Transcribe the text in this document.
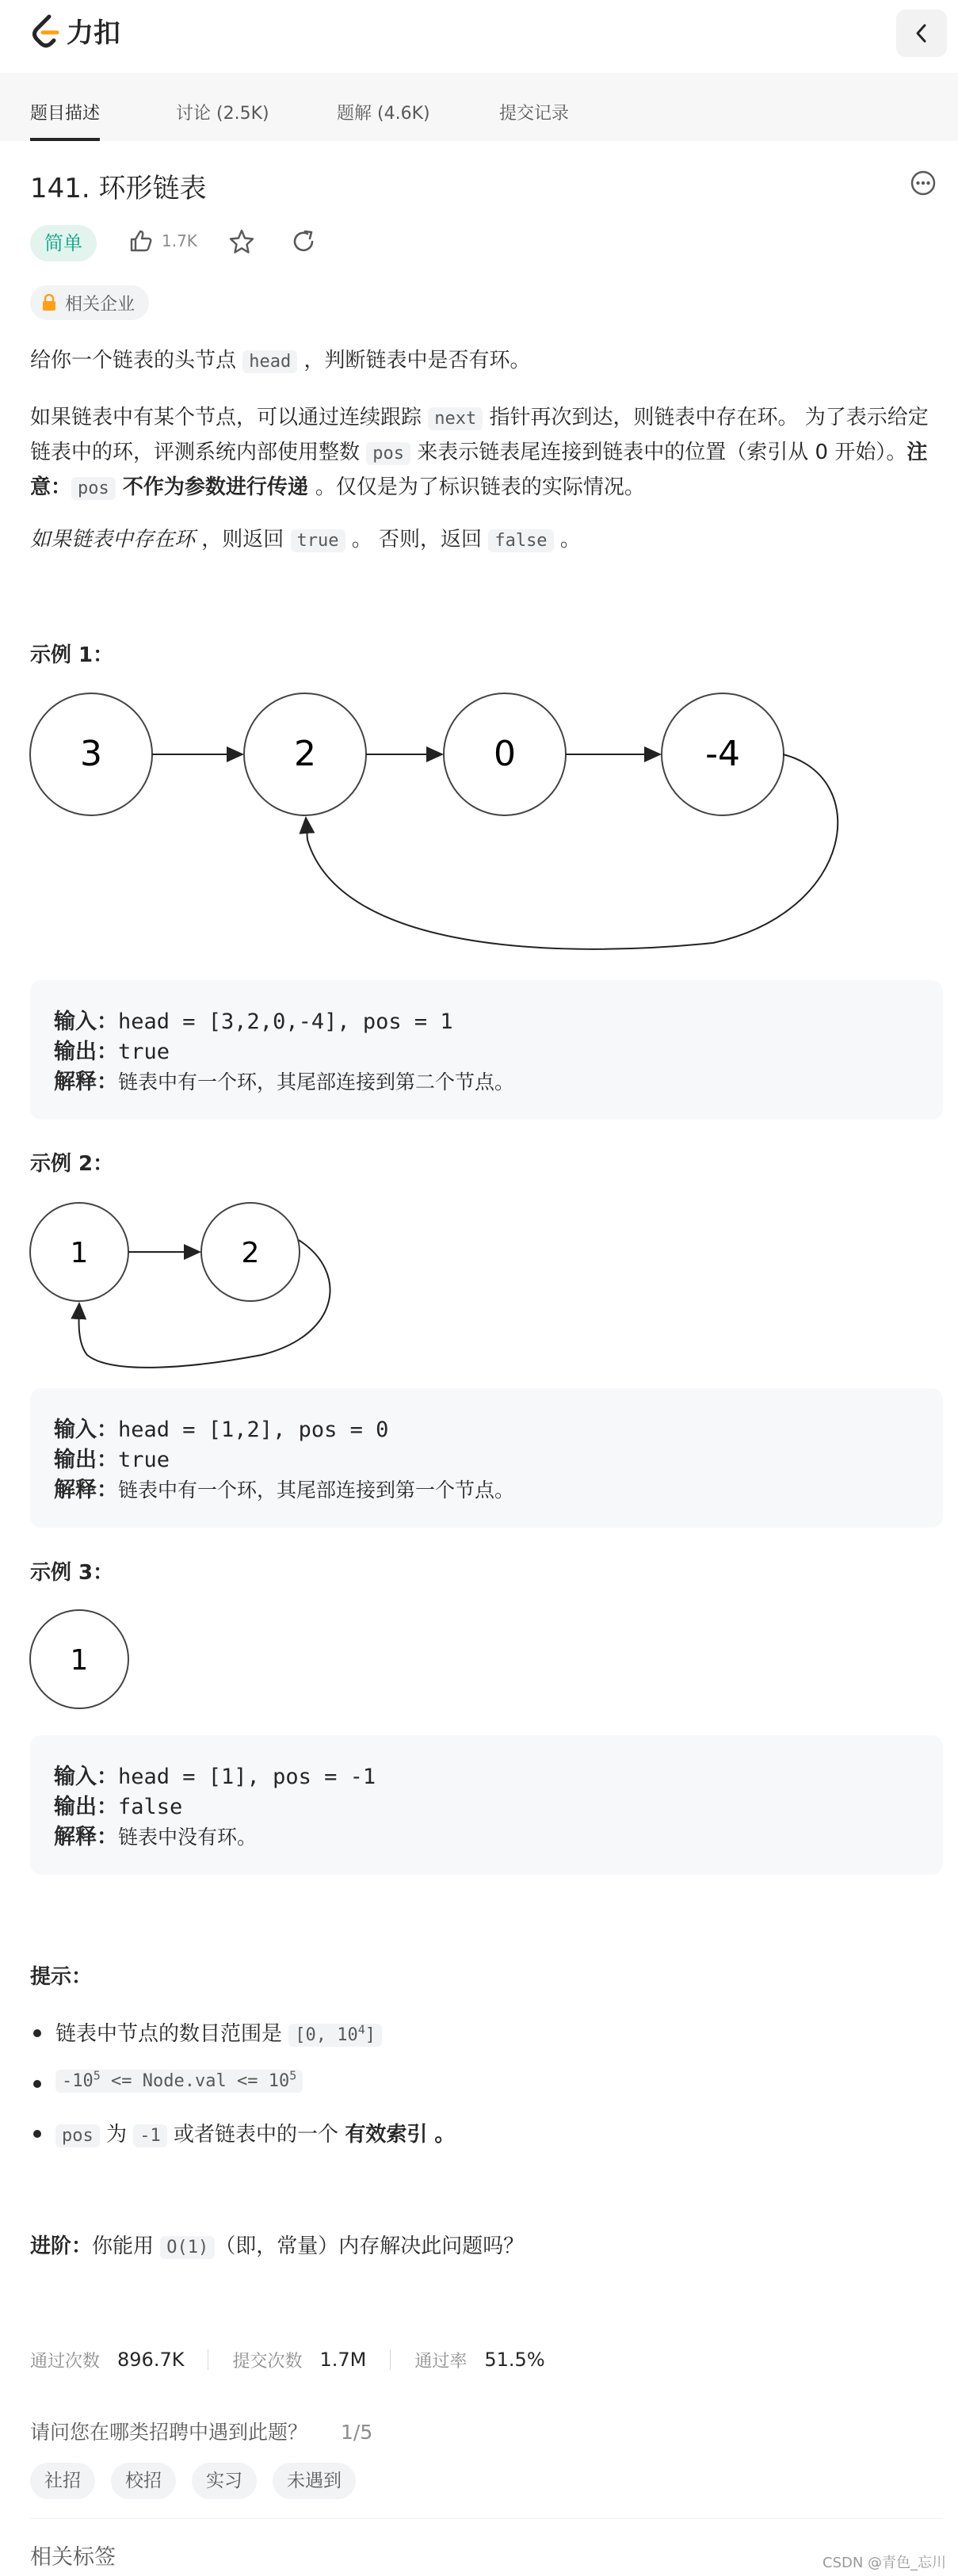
力扣
题目描述	讨论 (2.5K)	题解 (4.6K)	提交记录
141. 环形链表
简单	1.7K
相关企业
给你一个链表的头节点 head ，判断链表中是否有环。
如果链表中有某个节点，可以通过连续跟踪 next 指针再次到达，则链表中存在环。 为了表示给定链表中的环，评测系统内部使用整数 pos 来表示链表尾连接到链表中的位置（索引从 0 开始）。注意： pos 不作为参数进行传递 。仅仅是为了标识链表的实际情况。
如果链表中存在环 ，则返回 true 。 否则，返回 false 。
示例 1：
3	2	0	-4
输入：head = [3,2,0,-4], pos = 1
输出：true
解释：链表中有一个环，其尾部连接到第二个节点。
示例 2：
1	2
输入：head = [1,2], pos = 0
输出：true
解释：链表中有一个环，其尾部连接到第一个节点。
示例 3：
1
输入：head = [1], pos = -1
输出：false
解释：链表中没有环。
提示：
链表中节点的数目范围是 [0, $10^4$]
$-10^5$ <= Node.val <= $10^5$
pos 为 -1 或者链表中的一个 有效索引 。
进阶：你能用 O(1) （即，常量）内存解决此问题吗？
通过次数 896.7K	提交次数 1.7M	通过率 51.5%
请问您在哪类招聘中遇到此题？ 1/5
社招	校招	实习	未遇到
相关标签	CSDN @青色_忘川
